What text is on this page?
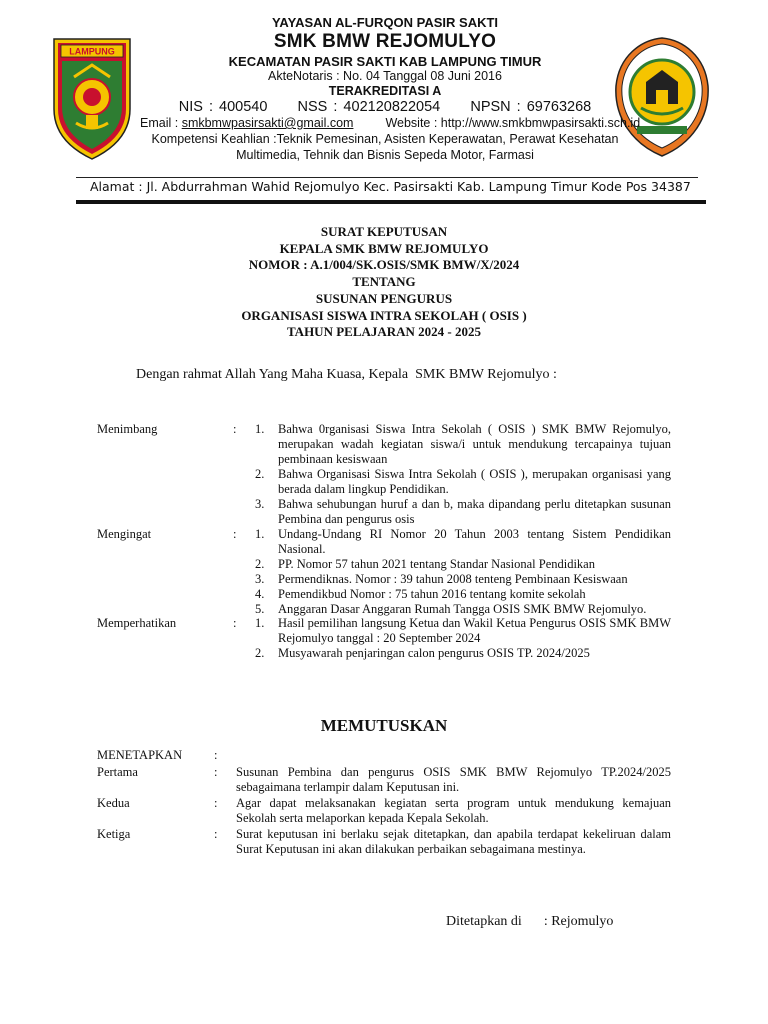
LAMPUNG
YAYASAN AL-FURQON PASIR SAKTI
SMK BMW REJOMULYO
KECAMATAN PASIR SAKTI KAB LAMPUNG TIMUR
AkteNotaris : No. 04 Tanggal 08 Juni 2016
TERAKREDITASI A
NIS : 400540     NSS : 402120822054     NPSN : 69763268
Email : smkbmwpasirsakti@gmail.com	Website : http://www.smkbmwpasirsakti.sch.id
Kompetensi Keahlian :Teknik Pemesinan, Asisten Keperawatan, Perawat Kesehatan
Multimedia, Tehnik dan Bisnis Sepeda Motor, Farmasi
Alamat : Jl. Abdurrahman Wahid Rejomulyo Kec. Pasirsakti Kab. Lampung Timur Kode Pos 34387
SURAT KEPUTUSAN
KEPALA SMK BMW REJOMULYO
NOMOR : A.1/004/SK.OSIS/SMK BMW/X/2024
TENTANG
SUSUNAN PENGURUS
ORGANISASI SISWA INTRA SEKOLAH ( OSIS )
TAHUN PELAJARAN 2024 - 2025
Dengan rahmat Allah Yang Maha Kuasa, Kepala  SMK BMW Rejomulyo :
Menimbang	: 1. Bahwa 0rganisasi Siswa Intra Sekolah ( OSIS ) SMK BMW Rejomulyo, merupakan wadah kegiatan siswa/i untuk mendukung tercapainya tujuan pembinaan kesiswaan
2. Bahwa Organisasi Siswa Intra Sekolah ( OSIS ), merupakan organisasi yang berada dalam lingkup Pendidikan.
3. Bahwa sehubungan huruf a dan b, maka dipandang perlu ditetapkan susunan Pembina dan pengurus osis
Mengingat	: 1. Undang-Undang RI Nomor 20 Tahun 2003 tentang Sistem Pendidikan Nasional.
2. PP. Nomor 57 tahun 2021 tentang Standar Nasional Pendidikan
3. Permendiknas. Nomor : 39 tahun 2008 tenteng Pembinaan Kesiswaan
4. Pemendikbud Nomor : 75 tahun 2016 tentang komite sekolah
5. Anggaran Dasar Anggaran Rumah Tangga OSIS SMK BMW Rejomulyo.
Memperhatikan	: 1. Hasil pemilihan langsung Ketua dan Wakil Ketua Pengurus OSIS SMK BMW Rejomulyo tanggal : 20 September 2024
2. Musyawarah penjaringan calon pengurus OSIS TP. 2024/2025
MEMUTUSKAN
MENETAPKAN	:
Pertama	: Susunan Pembina dan pengurus OSIS SMK BMW Rejomulyo TP.2024/2025 sebagaimana terlampir dalam Keputusan ini.
Kedua	: Agar dapat melaksanakan kegiatan serta program untuk mendukung kemajuan Sekolah serta melaporkan kepada Kepala Sekolah.
Ketiga	: Surat keputusan ini berlaku sejak ditetapkan, dan apabila terdapat kekeliruan dalam Surat Keputusan ini akan dilakukan perbaikan sebagaimana mestinya.
Ditetapkan di : Rejomulyo
